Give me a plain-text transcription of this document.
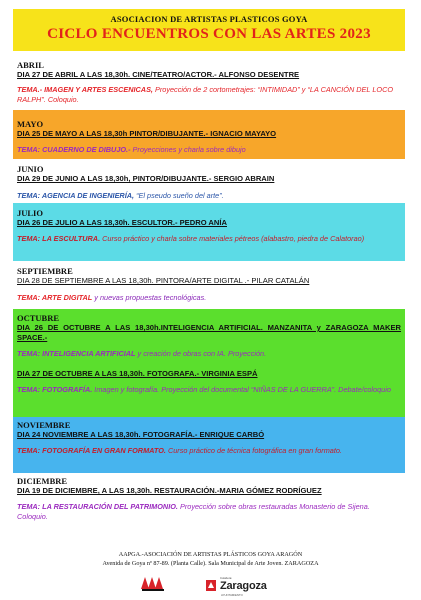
ASOCIACION DE ARTISTAS PLASTICOS GOYA
CICLO ENCUENTROS CON LAS ARTES 2023
ABRIL
DIA 27 DE ABRIL A LAS 18,30h. CINE/TEATRO/ACTOR.- ALFONSO DESENTRE
TEMA.- IMAGEN Y ARTES ESCENICAS, Proyección de 2 cortometrajes: “INTIMIDAD” y “LA CANCIÓN DEL LOCO RALPH”. Coloquio.
MAYO
DIA 25 DE MAYO A LAS 18,30h PINTOR/DIBUJANTE.- IGNACIO MAYAYO
TEMA: CUADERNO DE DIBUJO.- Proyecciones y charla sobre dibujo
JUNIO
DIA 29 DE JUNIO A LAS 18,30h, PINTOR/DIBUJANTE.- SERGIO ABRAIN
TEMA: AGENCIA DE INGENIERÍA, “El pseudo sueño del arte”.
JULIO
DIA 26 DE JULIO A LAS 18,30h. ESCULTOR.- PEDRO ANÍA
TEMA: LA ESCULTURA. Curso práctico y charla sobre materiales pétreos (alabastro, piedra de Calatorao)
SEPTIEMBRE
DIA 28 DE SEPTIEMBRE A LAS 18,30h. PINTORA/ARTE DIGITAL .- PILAR CATALÁN
TEMA: ARTE DIGITAL y nuevas propuestas tecnológicas.
OCTUBRE
DIA 26 DE OCTUBRE A LAS 18,30h.INTELIGENCIA ARTIFICIAL. MANZANITA y ZARAGOZA MAKER SPACE.-
TEMA: INTELIGENCIA ARTIFICIAL y creación de obras con IA. Proyección.
DIA 27 DE OCTUBRE A LAS 18,30h. FOTOGRAFA.- VIRGINIA ESPÁ
TEMA: FOTOGRAFÍA. Imagen y fotografía. Proyección del documental “NIÑAS DE LA GUERRA”. Debate/coloquio
NOVIEMBRE
DIA 24 NOVIEMBRE A LAS 18,30h. FOTOGRAFÍA.- ENRIQUE CARBÓ
TEMA: FOTOGRAFÍA EN GRAN FORMATO. Curso práctico de técnica fotográfica en gran formato.
DICIEMBRE
DIA 19 DE DICIEMBRE, A LAS 18,30h. RESTAURACIÓN.-MARIA GÓMEZ RODRÍGUEZ
TEMA: LA RESTAURACIÓN DEL PATRIMONIO. Proyección sobre obras restauradas Monasterio de Sijena. Coloquio.
AAPGA.-ASOCIACIÓN DE ARTISTAS PLÁSTICOS GOYA ARAGÓN
Avenida de Goya nº 87-89. (Planta Calle). Sala Municipal de Arte Joven. ZARAGOZA
Colabora:
Zaragoza
AYUNTAMIENTO
